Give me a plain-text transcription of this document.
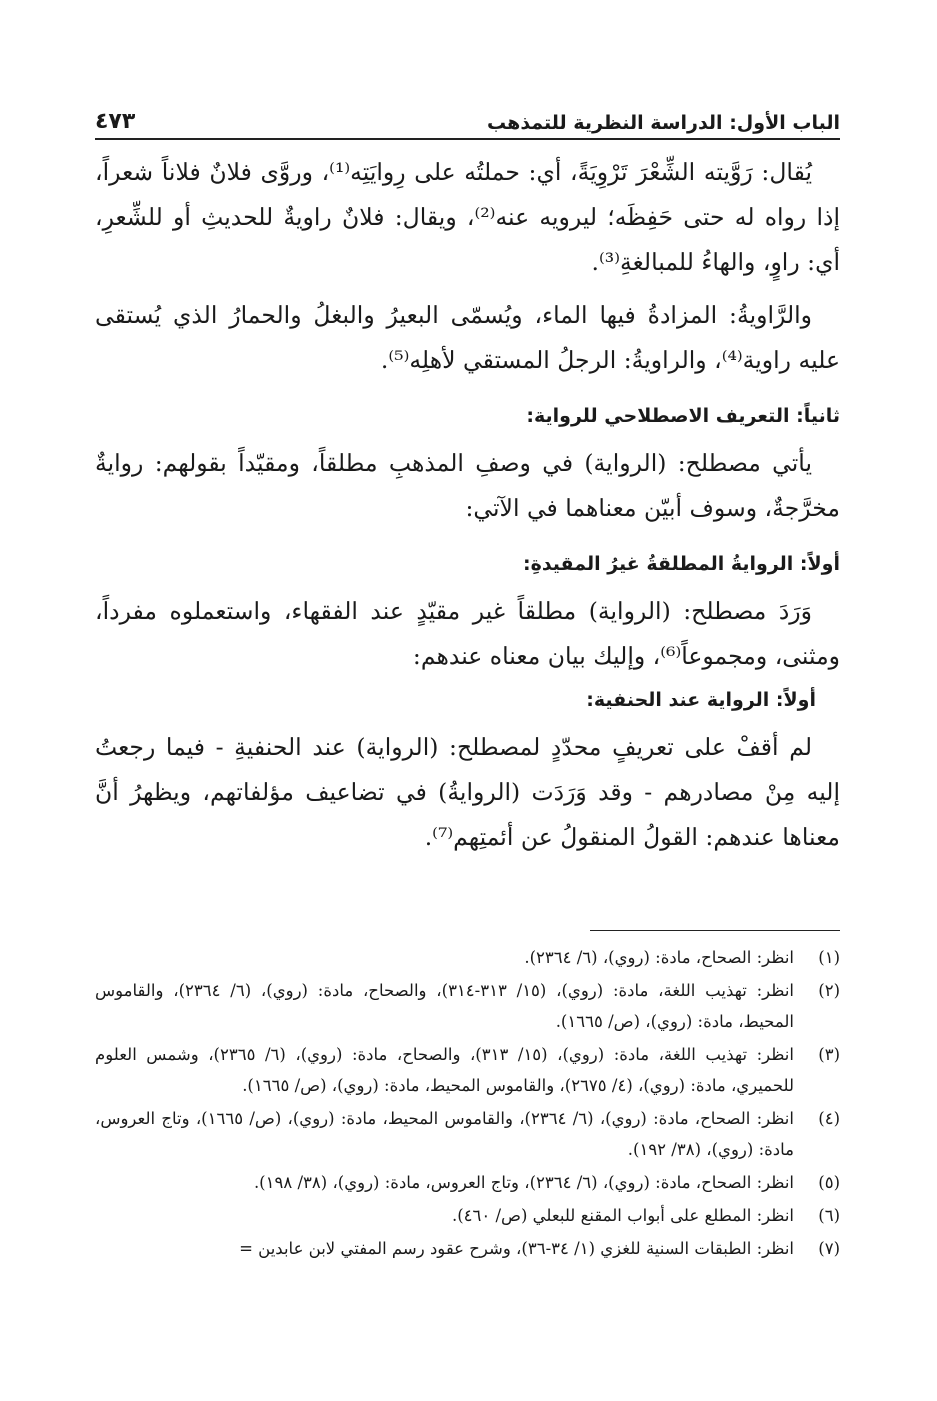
الباب الأول: الدراسة النظرية للتمذهب
٤٧٣

يُقال: رَوَّيته الشِّعْرَ تَرْوِيَةً، أي: حملتُه على رِوايَتِه⁽¹⁾، وروَّى فلانٌ فلاناً شعراً، إذا رواه له حتى حَفِظَه؛ ليرويه عنه⁽²⁾، ويقال: فلانٌ راويةٌ للحديثِ أو للشِّعرِ، أي: راوٍ، والهاءُ للمبالغةِ⁽³⁾.

والرَّاويةُ: المزادةُ فيها الماء، ويُسمّى البعيرُ والبغلُ والحمارُ الذي يُستقى عليه راوية⁽⁴⁾، والراويةُ: الرجلُ المستقي لأهلِه⁽⁵⁾.

ثانياً: التعريف الاصطلاحي للرواية:

يأتي مصطلح: (الرواية) في وصفِ المذهبِ مطلقاً، ومقيّداً بقولهم: روايةٌ مخرَّجةٌ، وسوف أبيّن معناهما في الآتي:

أولاً: الروايةُ المطلقةُ غيرُ المقيدةِ:

وَرَدَ مصطلح: (الرواية) مطلقاً غير مقيّدٍ عند الفقهاء، واستعملوه مفرداً، ومثنى، ومجموعاً⁽⁶⁾، وإليك بيان معناه عندهم:

أولاً: الرواية عند الحنفية:

لم أقفْ على تعريفٍ محدّدٍ لمصطلح: (الرواية) عند الحنفيةِ - فيما رجعتُ إليه مِنْ مصادرهم - وقد وَرَدَت (الروايةُ) في تضاعيف مؤلفاتهم، ويظهرُ أنَّ معناها عندهم: القولُ المنقولُ عن أئمتِهم⁽⁷⁾.

(١)
انظر: الصحاح، مادة: (روي)، (٦/ ٢٣٦٤).
(٢)
انظر: تهذيب اللغة، مادة: (روي)، (١٥/ ٣١٣-٣١٤)، والصحاح، مادة: (روي)، (٦/ ٢٣٦٤)، والقاموس المحيط، مادة: (روي)، (ص/ ١٦٦٥).
(٣)
انظر: تهذيب اللغة، مادة: (روي)، (١٥/ ٣١٣)، والصحاح، مادة: (روي)، (٦/ ٢٣٦٥)، وشمس العلوم للحميري، مادة: (روي)، (٤/ ٢٦٧٥)، والقاموس المحيط، مادة: (روي)، (ص/ ١٦٦٥).
(٤)
انظر: الصحاح، مادة: (روي)، (٦/ ٢٣٦٤)، والقاموس المحيط، مادة: (روي)، (ص/ ١٦٦٥)، وتاج العروس، مادة: (روي)، (٣٨/ ١٩٢).
(٥)
انظر: الصحاح، مادة: (روي)، (٦/ ٢٣٦٤)، وتاج العروس، مادة: (روي)، (٣٨/ ١٩٨).
(٦)
انظر: المطلع على أبواب المقنع للبعلي (ص/ ٤٦٠).
(٧)
انظر: الطبقات السنية للغزي (١/ ٣٤-٣٦)، وشرح عقود رسم المفتي لابن عابدين =
